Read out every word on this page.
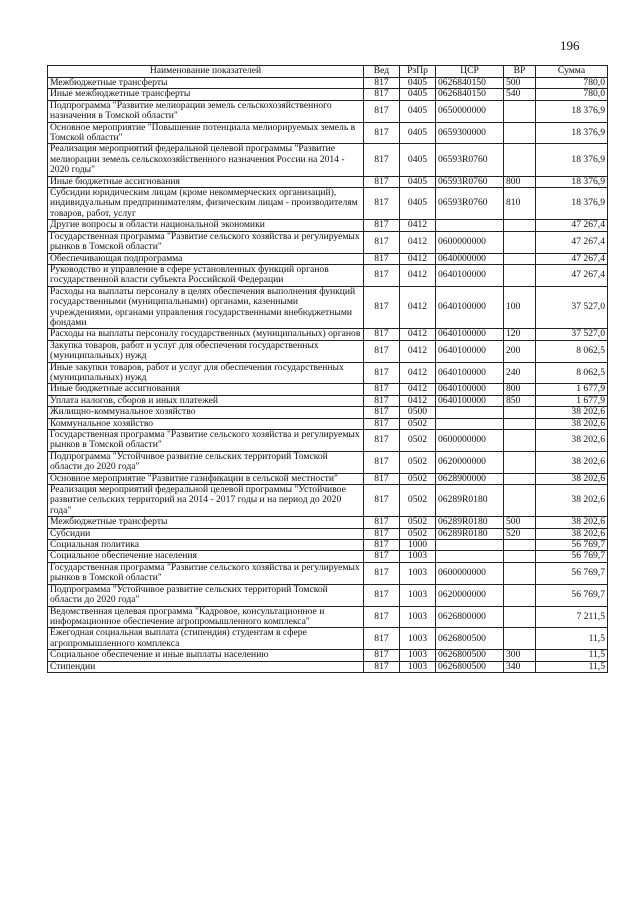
196
Наименование показателей	Вед	РзПр	ЦСР	ВР	Сумма
Межбюджетные трансферты	817	0405	0626840150	500	780,0
Иные межбюджетные трансферты	817	0405	0626840150	540	780,0
Подпрограмма "Развитие мелиорации земель сельскохозяйственного назначения в Томской области"	817	0405	0650000000		18 376,9
Основное мероприятие "Повышение потенциала мелиорируемых земель в Томской области"	817	0405	0659300000		18 376,9
Реализация мероприятий федеральной целевой программы "Развитие мелиорации земель сельскохозяйственного назначения России на 2014 - 2020 годы"	817	0405	06593R0760		18 376,9
Иные бюджетные ассигнования	817	0405	06593R0760	800	18 376,9
Субсидии юридическим лицам (кроме некоммерческих организаций), индивидуальным предпринимателям, физическим лицам - производителям товаров, работ, услуг	817	0405	06593R0760	810	18 376,9
Другие вопросы в области национальной экономики	817	0412			47 267,4
Государственная программа "Развитие сельского хозяйства и регулируемых рынков в Томской области"	817	0412	0600000000		47 267,4
Обеспечивающая подпрограмма	817	0412	0640000000		47 267,4
Руководство и управление в сфере установленных функций органов государственной власти субъекта Российской Федерации	817	0412	0640100000		47 267,4
Расходы на выплаты персоналу в целях обеспечения выполнения функций государственными (муниципальными) органами, казенными учреждениями, органами управления государственными внебюджетными фондами	817	0412	0640100000	100	37 527,0
Расходы на выплаты персоналу государственных (муниципальных) органов	817	0412	0640100000	120	37 527,0
Закупка товаров, работ и услуг для обеспечения государственных (муниципальных) нужд	817	0412	0640100000	200	8 062,5
Иные закупки товаров, работ и услуг для обеспечения государственных (муниципальных) нужд	817	0412	0640100000	240	8 062,5
Иные бюджетные ассигнования	817	0412	0640100000	800	1 677,9
Уплата налогов, сборов и иных платежей	817	0412	0640100000	850	1 677,9
Жилищно-коммунальное хозяйство	817	0500			38 202,6
Коммунальное хозяйство	817	0502			38 202,6
Государственная программа "Развитие сельского хозяйства и регулируемых рынков в Томской области"	817	0502	0600000000		38 202,6
Подпрограмма "Устойчивое развитие сельских территорий Томской области до 2020 года"	817	0502	0620000000		38 202,6
Основное мероприятие "Развитие газификации в сельской местности"	817	0502	0628900000		38 202,6
Реализация мероприятий федеральной целевой программы "Устойчивое развитие сельских территорий на 2014 - 2017 годы и на период до 2020 года"	817	0502	06289R0180		38 202,6
Межбюджетные трансферты	817	0502	06289R0180	500	38 202,6
Субсидии	817	0502	06289R0180	520	38 202,6
Социальная политика	817	1000			56 769,7
Социальное обеспечение населения	817	1003			56 769,7
Государственная программа "Развитие сельского хозяйства и регулируемых рынков в Томской области"	817	1003	0600000000		56 769,7
Подпрограмма "Устойчивое развитие сельских территорий Томской области до 2020 года"	817	1003	0620000000		56 769,7
Ведомственная целевая программа "Кадровое, консультационное и информационное обеспечение агропромышленного комплекса"	817	1003	0626800000		7 211,5
Ежегодная социальная выплата (стипендия) студентам в сфере агропромышленного комплекса	817	1003	0626800500		11,5
Социальное обеспечение и иные выплаты населению	817	1003	0626800500	300	11,5
Стипендии	817	1003	0626800500	340	11,5
